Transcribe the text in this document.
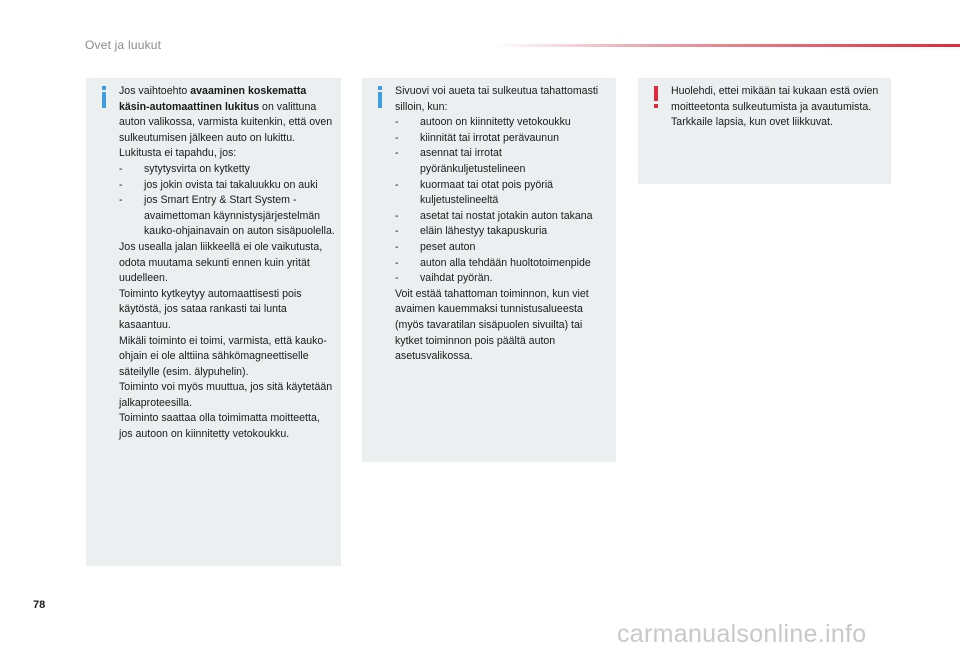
Ovet ja luukut

Jos vaihtoehto avaaminen koskematta käsin-automaattinen lukitus on valittuna auton valikossa, varmista kuitenkin, että oven sulkeutumisen jälkeen auto on lukittu.

Lukitusta ei tapahdu, jos:

- sytytysvirta on kytketty
- jos jokin ovista tai takaluukku on auki
- jos Smart Entry & Start System -avaimettoman käynnistysjärjestelmän kauko-ohjainavain on auton sisäpuolella.

Jos usealla jalan liikkeellä ei ole vaikutusta, odota muutama sekunti ennen kuin yrität uudelleen.

Toiminto kytkeytyy automaattisesti pois käytöstä, jos sataa rankasti tai lunta kasaantuu.

Mikäli toiminto ei toimi, varmista, että kauko-ohjain ei ole alttiina sähkömagneettiselle säteilylle (esim. älypuhelin).

Toiminto voi myös muuttua, jos sitä käytetään jalkaproteesilla.

Toiminto saattaa olla toimimatta moitteetta, jos autoon on kiinnitetty vetokoukku.

Sivuovi voi aueta tai sulkeutua tahattomasti silloin, kun:

- autoon on kiinnitetty vetokoukku
- kiinnität tai irrotat perävaunun
- asennat tai irrotat pyöränkuljetustelineen
- kuormaat tai otat pois pyöriä kuljetustelineeltä
- asetat tai nostat jotakin auton takana
- eläin lähestyy takapuskuria
- peset auton
- auton alla tehdään huoltotoimenpide
- vaihdat pyörän.

Voit estää tahattoman toiminnon, kun viet avaimen kauemmaksi tunnistusalueesta (myös tavaratilan sisäpuolen sivuilta) tai kytket toiminnon pois päältä auton asetusvalikossa.

Huolehdi, ettei mikään tai kukaan estä ovien moitteetonta sulkeutumista ja avautumista.

Tarkkaile lapsia, kun ovet liikkuvat.

78
carmanualsonline.info
